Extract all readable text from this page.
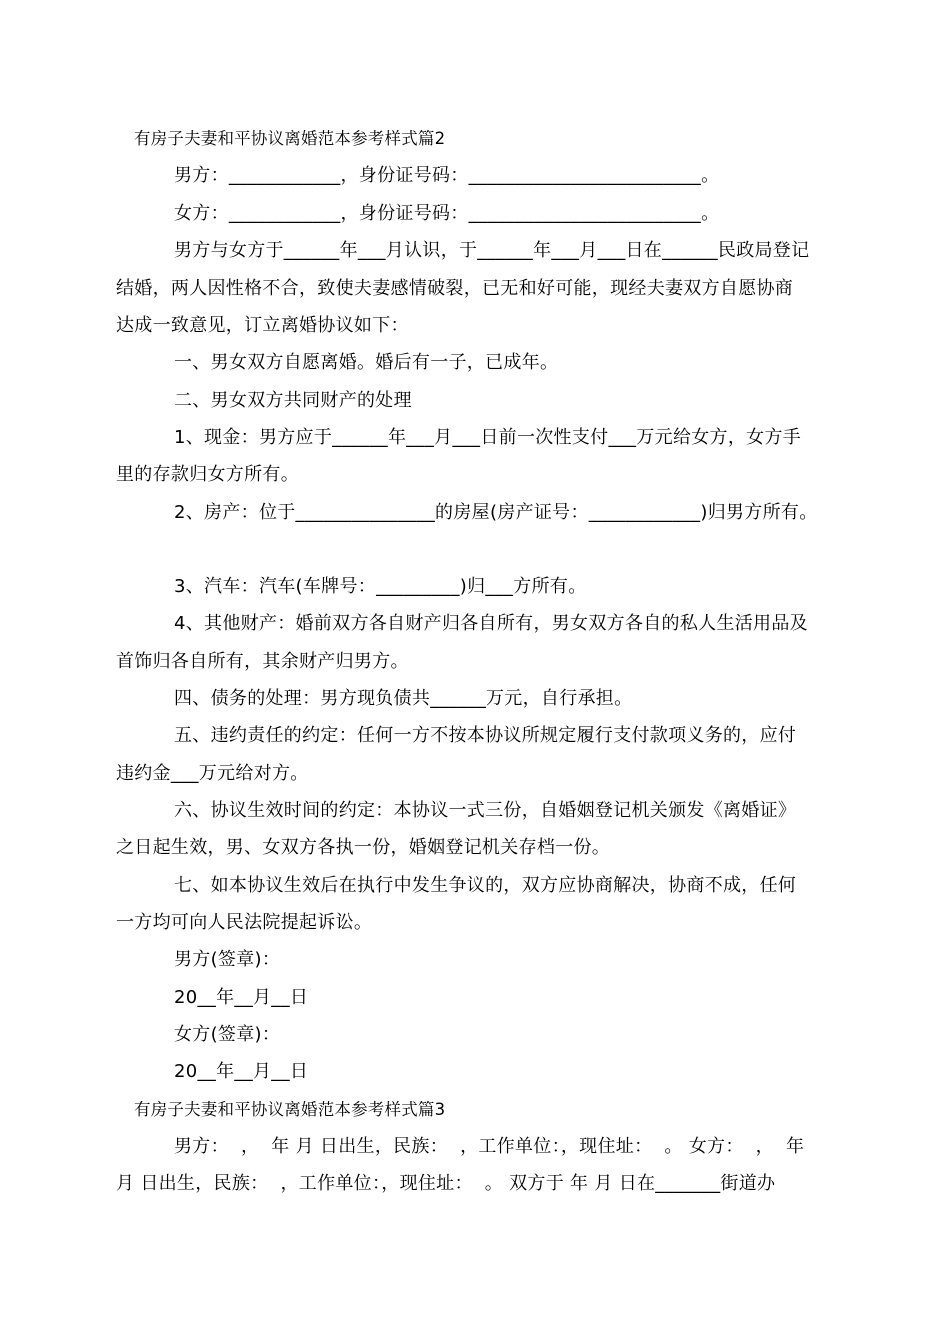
有房子夫妻和平协议离婚范本参考样式篇2
男方：____________，身份证号码：_________________________。
女方：____________，身份证号码：_________________________。
男方与女方于______年___月认识，于______年___月___日在______民政局登记
结婚，两人因性格不合，致使夫妻感情破裂，已无和好可能，现经夫妻双方自愿协商
达成一致意见，订立离婚协议如下：
一、男女双方自愿离婚。婚后有一子，已成年。
二、男女双方共同财产的处理
1、现金：男方应于______年___月___日前一次性支付___万元给女方，女方手
里的存款归女方所有。
2、房产：位于_______________的房屋(房产证号：____________)归男方所有。
3、汽车：汽车(车牌号：_________)归___方所有。
4、其他财产：婚前双方各自财产归各自所有，男女双方各自的私人生活用品及
首饰归各自所有，其余财产归男方。
四、债务的处理：男方现负债共______万元，自行承担。
五、违约责任的约定：任何一方不按本协议所规定履行支付款项义务的，应付
违约金___万元给对方。
六、协议生效时间的约定：本协议一式三份，自婚姻登记机关颁发《离婚证》
之日起生效，男、女双方各执一份，婚姻登记机关存档一份。
七、如本协议生效后在执行中发生争议的，双方应协商解决，协商不成，任何
一方均可向人民法院提起诉讼。
男方(签章)：
20__年__月__日
女方(签章)：
20__年__月__日
有房子夫妻和平协议离婚范本参考样式篇3
男方：  ，  年 月 日出生，民族：  ，工作单位：，现住址：  。 女方：  ，  年
月 日出生，民族：  ，工作单位：，现住址：  。 双方于 年 月 日在_______街道办
